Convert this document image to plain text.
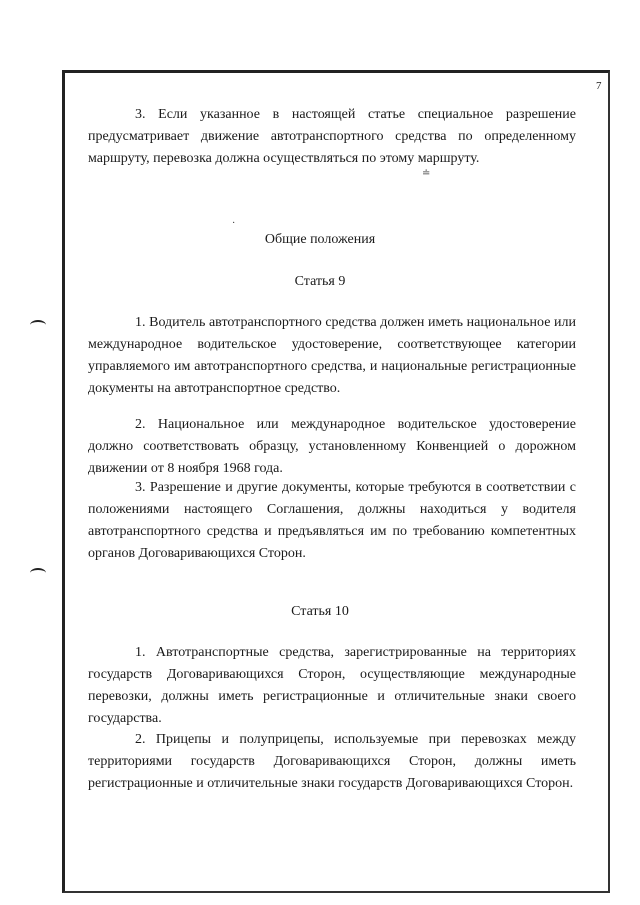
7
≐
·
3. Если указанное в настоящей статье специальное разрешение предусматривает движение автотранспортного средства по определенному маршруту, перевозка должна осуществляться по этому маршруту.
Общие положения
Статья 9
1. Водитель автотранспортного средства должен иметь национальное или международное водительское удостоверение, соответствующее категории управляемого им автотранспортного средства, и национальные регистрационные документы на автотранспортное средство.
2. Национальное или международное водительское удостоверение должно соответствовать образцу, установленному Конвенцией о дорожном движении от 8 ноября 1968 года.
3. Разрешение и другие документы, которые требуются в соответствии с положениями настоящего Соглашения, должны находиться у водителя автотранспортного средства и предъявляться им по требованию компетентных органов Договаривающихся Сторон.
Статья 10
1. Автотранспортные средства, зарегистрированные на территориях государств Договаривающихся Сторон, осуществляющие международные перевозки, должны иметь регистрационные и отличительные знаки своего государства.
2. Прицепы и полуприцепы, используемые при перевозках между территориями государств Договаривающихся Сторон, должны иметь регистрационные и отличительные знаки государств Договаривающихся Сторон.
